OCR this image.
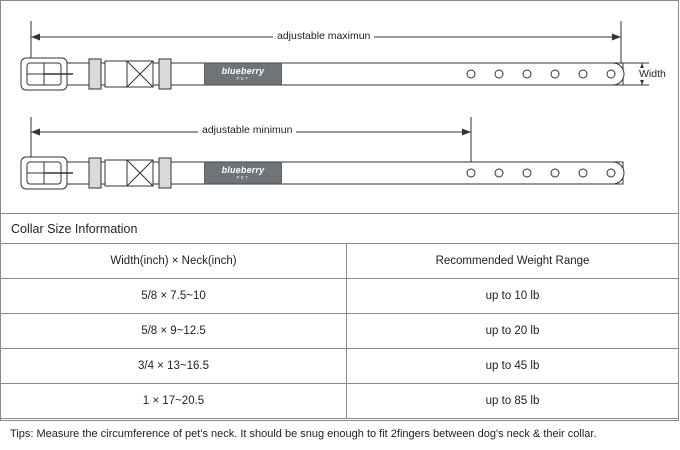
adjustable maximun
adjustable minimun
Width
blueberry
PET
blueberry
PET
Collar Size Information	
Width(inch) × Neck(inch)	Recommended Weight Range
5/8 × 7.5~10	up to 10 lb
5/8 × 9~12.5	up to 20 lb
3/4 × 13~16.5	up to 45 lb
1 × 17~20.5	up to 85 lb
Tips: Measure the circumference of pet's neck. It should be snug enough to fit 2fingers between dog's neck & their collar.
